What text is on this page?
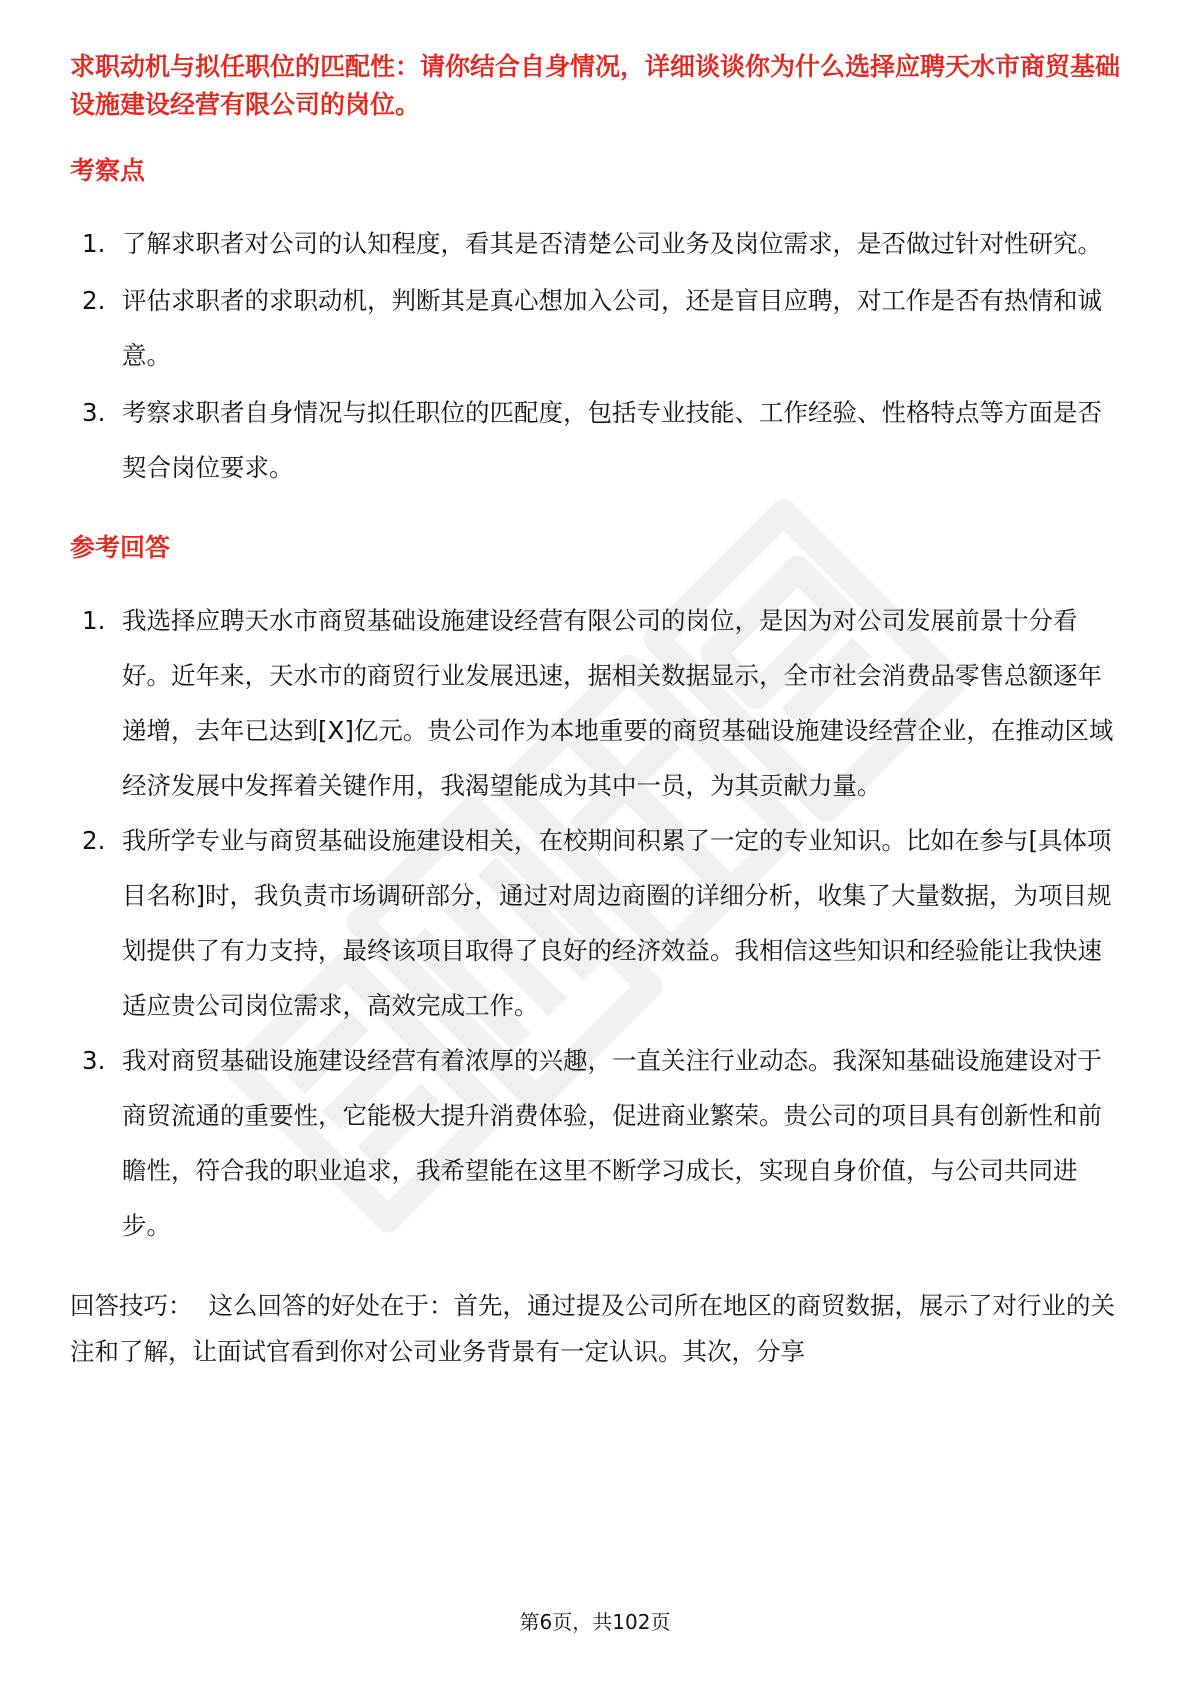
求职动机与拟任职位的匹配性：请你结合自身情况，详细谈谈你为什么选择应聘天水市商贸基础设施建设经营有限公司的岗位。

考察点
1. 了解求职者对公司的认知程度，看其是否清楚公司业务及岗位需求，是否做过针对性研究。
2. 评估求职者的求职动机，判断其是真心想加入公司，还是盲目应聘，对工作是否有热情和诚意。
3. 考察求职者自身情况与拟任职位的匹配度，包括专业技能、工作经验、性格特点等方面是否契合岗位要求。
参考回答
1. 我选择应聘天水市商贸基础设施建设经营有限公司的岗位，是因为对公司发展前景十分看好。近年来，天水市的商贸行业发展迅速，据相关数据显示，全市社会消费品零售总额逐年递增，去年已达到[X]亿元。贵公司作为本地重要的商贸基础设施建设经营企业，在推动区域经济发展中发挥着关键作用，我渴望能成为其中一员，为其贡献力量。
2. 我所学专业与商贸基础设施建设相关，在校期间积累了一定的专业知识。比如在参与[具体项目名称]时，我负责市场调研部分，通过对周边商圈的详细分析，收集了大量数据，为项目规划提供了有力支持，最终该项目取得了良好的经济效益。我相信这些知识和经验能让我快速适应贵公司岗位需求，高效完成工作。
3. 我对商贸基础设施建设经营有着浓厚的兴趣，一直关注行业动态。我深知基础设施建设对于商贸流通的重要性，它能极大提升消费体验，促进商业繁荣。贵公司的项目具有创新性和前瞻性，符合我的职业追求，我希望能在这里不断学习成长，实现自身价值，与公司共同进步。
回答技巧： 这么回答的好处在于：首先，通过提及公司所在地区的商贸数据，展示了对行业的关注和了解，让面试官看到你对公司业务背景有一定认识。其次，分享
第6页，共102页
